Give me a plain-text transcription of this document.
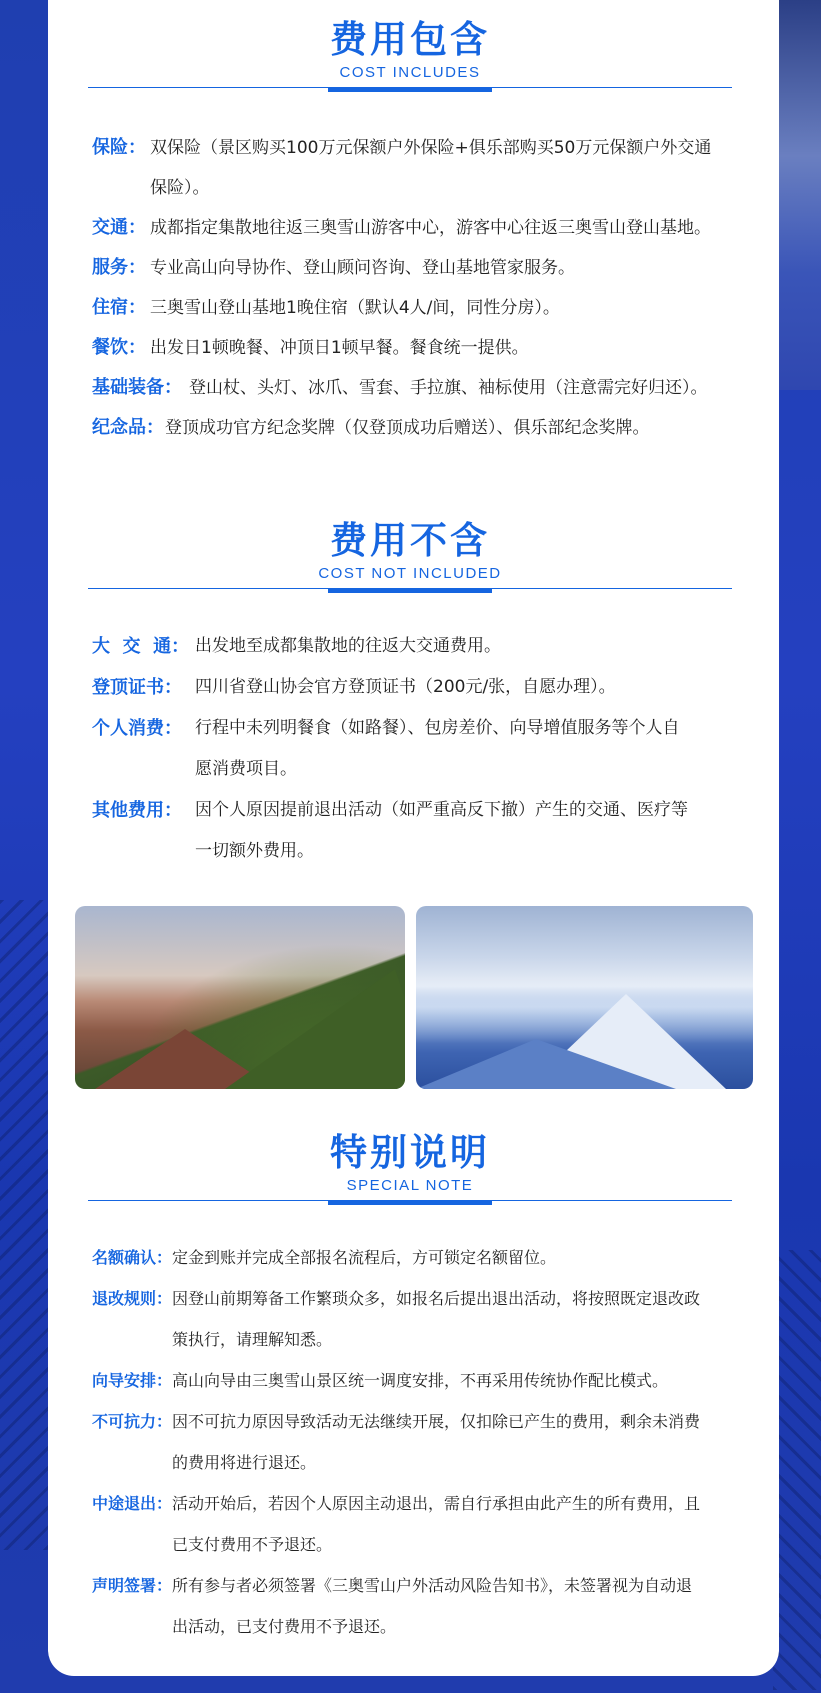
费用包含
COST INCLUDES
保险： 双保险（景区购买100万元保额户外保险+俱乐部购买50万元保额户外交通
保险）。
交通： 成都指定集散地往返三奥雪山游客中心，游客中心往返三奥雪山登山基地。
服务： 专业高山向导协作、登山顾问咨询、登山基地管家服务。
住宿： 三奥雪山登山基地1晚住宿（默认4人/间，同性分房）。
餐饮： 出发日1顿晚餐、冲顶日1顿早餐。餐食统一提供。
基础装备： 登山杖、头灯、冰爪、雪套、手拉旗、袖标使用（注意需完好归还）。
纪念品： 登顶成功官方纪念奖牌（仅登顶成功后赠送）、俱乐部纪念奖牌。
费用不含
COST NOT INCLUDED
大  交  通： 出发地至成都集散地的往返大交通费用。
登顶证书： 四川省登山协会官方登顶证书（200元/张，自愿办理）。
个人消费： 行程中未列明餐食（如路餐）、包房差价、向导增值服务等个人自
愿消费项目。
其他费用： 因个人原因提前退出活动（如严重高反下撤）产生的交通、医疗等
一切额外费用。
特别说明
SPECIAL NOTE
名额确认： 定金到账并完成全部报名流程后，方可锁定名额留位。
退改规则： 因登山前期筹备工作繁琐众多，如报名后提出退出活动，将按照既定退改政
策执行，请理解知悉。
向导安排： 高山向导由三奥雪山景区统一调度安排，不再采用传统协作配比模式。
不可抗力： 因不可抗力原因导致活动无法继续开展，仅扣除已产生的费用，剩余未消费
的费用将进行退还。
中途退出： 活动开始后，若因个人原因主动退出，需自行承担由此产生的所有费用，且
已支付费用不予退还。
声明签署： 所有参与者必须签署《三奥雪山户外活动风险告知书》，未签署视为自动退
出活动，已支付费用不予退还。
